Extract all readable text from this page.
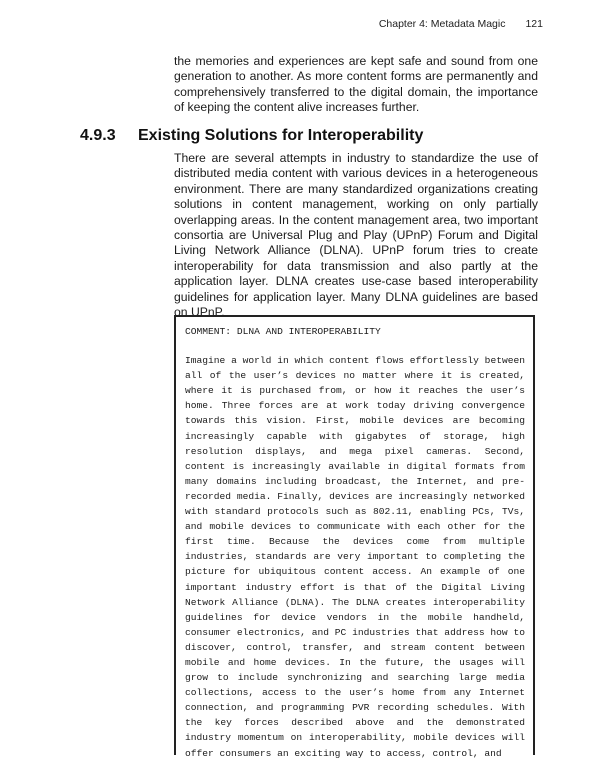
Chapter 4: Metadata Magic 121

the memories and experiences are kept safe and sound from one generation to another. As more content forms are permanently and comprehensively transferred to the digital domain, the importance of keeping the content alive increases further.

4.9.3	Existing Solutions for Interoperability

There are several attempts in industry to standardize the use of distributed media content with various devices in a heterogeneous environment. There are many standardized organizations creating solutions in content management, working on only partially overlapping areas. In the content management area, two important consortia are Universal Plug and Play (UPnP) Forum and Digital Living Network Alliance (DLNA). UPnP forum tries to create interoperability for data transmission and also partly at the application layer. DLNA creates use-case based interoperability guidelines for application layer. Many DLNA guidelines are based on UPnP.

COMMENT: DLNA AND INTEROPERABILITY

Imagine a world in which content flows effortlessly between all of the user’s devices no matter where it is created, where it is purchased from, or how it reaches the user’s home. Three forces are at work today driving convergence towards this vision. First, mobile devices are becoming increasingly capable with gigabytes of storage, high resolution displays, and mega pixel cameras. Second, content is increasingly available in digital formats from many domains including broadcast, the Internet, and pre-recorded media. Finally, devices are increasingly networked with standard protocols such as 802.11, enabling PCs, TVs, and mobile devices to communicate with each other for the first time. Because the devices come from multiple industries, standards are very important to completing the picture for ubiquitous content access. An example of one important industry effort is that of the Digital Living Network Alliance (DLNA). The DLNA creates interoperability guidelines for device vendors in the mobile handheld, consumer electronics, and PC industries that address how to discover, control, transfer, and stream content between mobile and home devices. In the future, the usages will grow to include synchronizing and searching large media collections, access to the user’s home from any Internet connection, and programming PVR recording schedules. With the key forces described above and the demonstrated industry momentum on interoperability, mobile devices will offer consumers an exciting way to access, control, and
